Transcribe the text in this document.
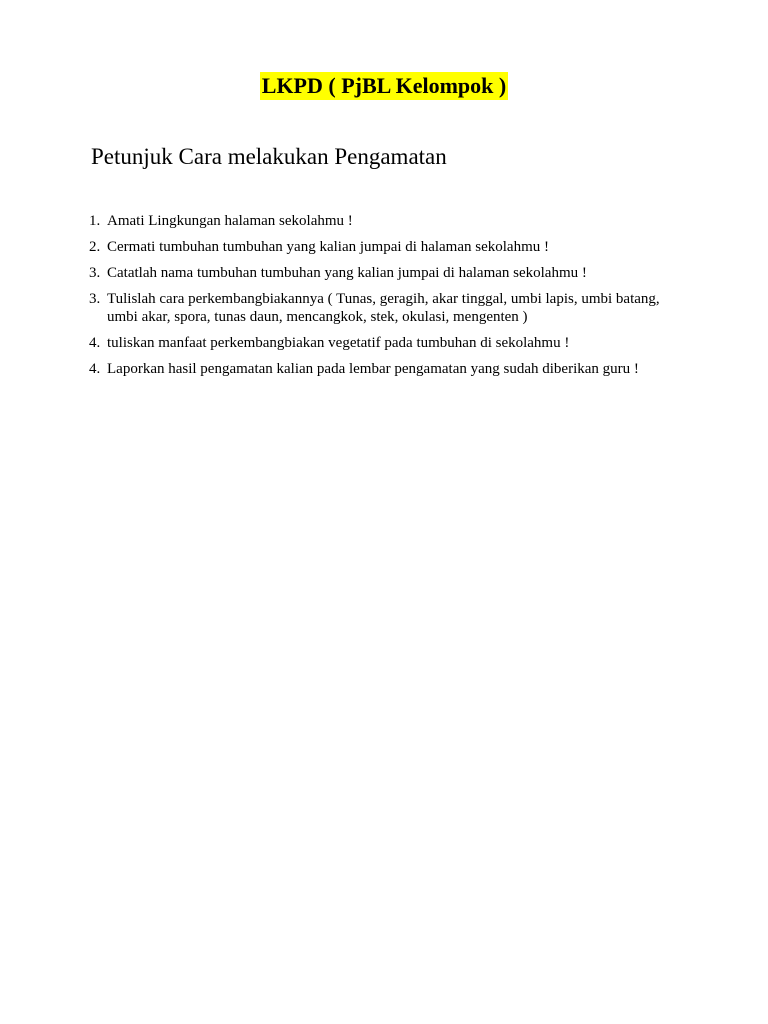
LKPD ( PjBL Kelompok )
Petunjuk Cara melakukan Pengamatan
1. Amati Lingkungan halaman sekolahmu !
2. Cermati tumbuhan tumbuhan yang kalian jumpai di halaman sekolahmu !
3. Catatlah nama tumbuhan tumbuhan yang kalian jumpai di halaman sekolahmu !
3. Tulislah cara perkembangbiakannya ( Tunas, geragih, akar tinggal, umbi lapis, umbi batang, umbi akar, spora, tunas daun, mencangkok, stek, okulasi, mengenten )
4. tuliskan manfaat perkembangbiakan vegetatif pada tumbuhan di sekolahmu !
4. Laporkan hasil pengamatan kalian pada lembar pengamatan yang sudah diberikan guru !
